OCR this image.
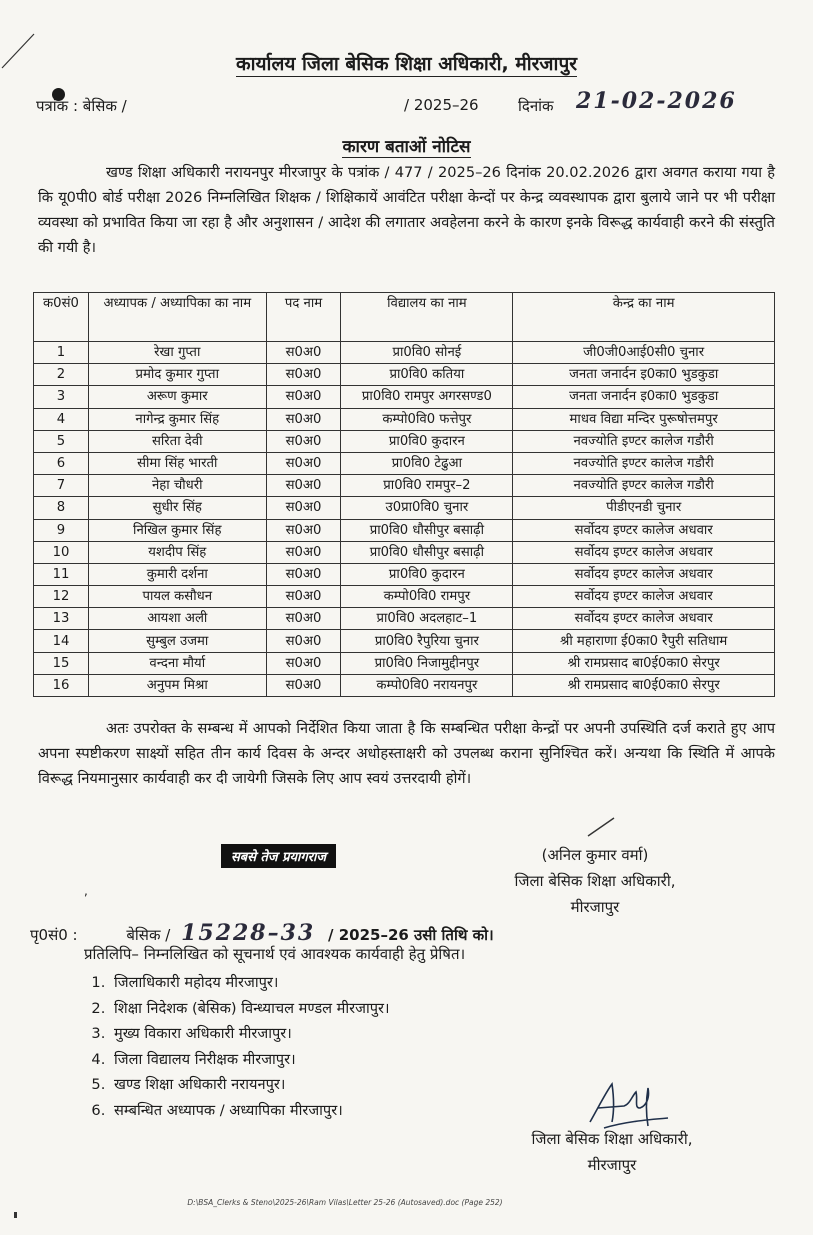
कार्यालय जिला बेसिक शिक्षा अधिकारी, मीरजापुर
पत्रांक : बेसिक /	/ 2025–26	दिनांक 21-02-2026
कारण बताओं नोटिस

खण्ड शिक्षा अधिकारी नरायनपुर मीरजापुर के पत्रांक / 477 / 2025–26 दिनांक 20.02.2026 द्वारा अवगत कराया गया है कि यू0पी0 बोर्ड परीक्षा 2026 निम्नलिखित शिक्षक / शिक्षिकायें आवंटित परीक्षा केन्दों पर केन्द्र व्यवस्थापक द्वारा बुलाये जाने पर भी परीक्षा व्यवस्था को प्रभावित किया जा रहा है और अनुशासन / आदेश की लगातार अवहेलना करने के कारण इनके विरूद्ध कार्यवाही करने की संस्तुति की गयी है।

क0सं0	अध्यापक / अध्यापिका का नाम	पद नाम	विद्यालय का नाम	केन्द्र का नाम
1	रेखा गुप्ता	स0अ0	प्रा0वि0 सोनई	जी0जी0आई0सी0 चुनार
2	प्रमोद कुमार गुप्ता	स0अ0	प्रा0वि0 कतिया	जनता जनार्दन इ0का0 भुडकुडा
3	अरूण कुमार	स0अ0	प्रा0वि0 रामपुर अगरसण्ड0	जनता जनार्दन इ0का0 भुडकुडा
4	नागेन्द्र कुमार सिंह	स0अ0	कम्पो0वि0 फत्तेपुर	माधव विद्या मन्दिर पुरूषोत्तमपुर
5	सरिता देवी	स0अ0	प्रा0वि0 कुदारन	नवज्योति इण्टर कालेज गडौरी
6	सीमा सिंह भारती	स0अ0	प्रा0वि0 टेढुआ	नवज्योति इण्टर कालेज गडौरी
7	नेहा चौधरी	स0अ0	प्रा0वि0 रामपुर–2	नवज्योति इण्टर कालेज गडौरी
8	सुधीर सिंह	स0अ0	उ0प्रा0वि0 चुनार	पीडीएनडी चुनार
9	निखिल कुमार सिंह	स0अ0	प्रा0वि0 धौसीपुर बसाढ़ी	सर्वोदय इण्टर कालेज अधवार
10	यशदीप सिंह	स0अ0	प्रा0वि0 धौसीपुर बसाढ़ी	सर्वोदय इण्टर कालेज अधवार
11	कुमारी दर्शना	स0अ0	प्रा0वि0 कुदारन	सर्वोदय इण्टर कालेज अधवार
12	पायल कसौधन	स0अ0	कम्पो0वि0 रामपुर	सर्वोदय इण्टर कालेज अधवार
13	आयशा अली	स0अ0	प्रा0वि0 अदलहाट–1	सर्वोदय इण्टर कालेज अधवार
14	सुम्बुल उजमा	स0अ0	प्रा0वि0 रैपुरिया चुनार	श्री महाराणा ई0का0 रैपुरी सतिधाम
15	वन्दना मौर्या	स0अ0	प्रा0वि0 निजामुद्दीनपुर	श्री रामप्रसाद बा0ई0का0 सेरपुर
16	अनुपम मिश्रा	स0अ0	कम्पो0वि0 नरायनपुर	श्री रामप्रसाद बा0ई0का0 सेरपुर

अतः उपरोक्त के सम्बन्ध में आपको निर्देशित किया जाता है कि सम्बन्धित परीक्षा केन्द्रों पर अपनी उपस्थिति दर्ज कराते हुए आप अपना स्पष्टीकरण साक्ष्यों सहित तीन कार्य दिवस के अन्दर अधोहस्ताक्षरी को उपलब्ध कराना सुनिश्चित करें। अन्यथा कि स्थिति में आपके विरूद्ध नियमानुसार कार्यवाही कर दी जायेगी जिसके लिए आप स्वयं उत्तरदायी होगें।

सबसे तेज प्रयागराज	(अनिल कुमार वर्मा)
जिला बेसिक शिक्षा अधिकारी,
मीरजापुर
,
पृ0सं0 :	बेसिक / 15228–33 / 2025–26 उसी तिथि को।
प्रतिलिपि– निम्नलिखित को सूचनार्थ एवं आवश्यक कार्यवाही हेतु प्रेषित।
1. जिलाधिकारी महोदय मीरजापुर।
2. शिक्षा निदेशक (बेसिक) विन्ध्याचल मण्डल मीरजापुर।
3. मुख्य विकारा अधिकारी मीरजापुर।
4. जिला विद्यालय निरीक्षक मीरजापुर।
5. खण्ड शिक्षा अधिकारी नरायनपुर।
6. सम्बन्धित अध्यापक / अध्यापिका मीरजापुर।
जिला बेसिक शिक्षा अधिकारी,
मीरजापुर
D:\BSA_Clerks & Steno\2025-26\Ram Vilas\Letter 25-26 (Autosaved).doc (Page 252)
